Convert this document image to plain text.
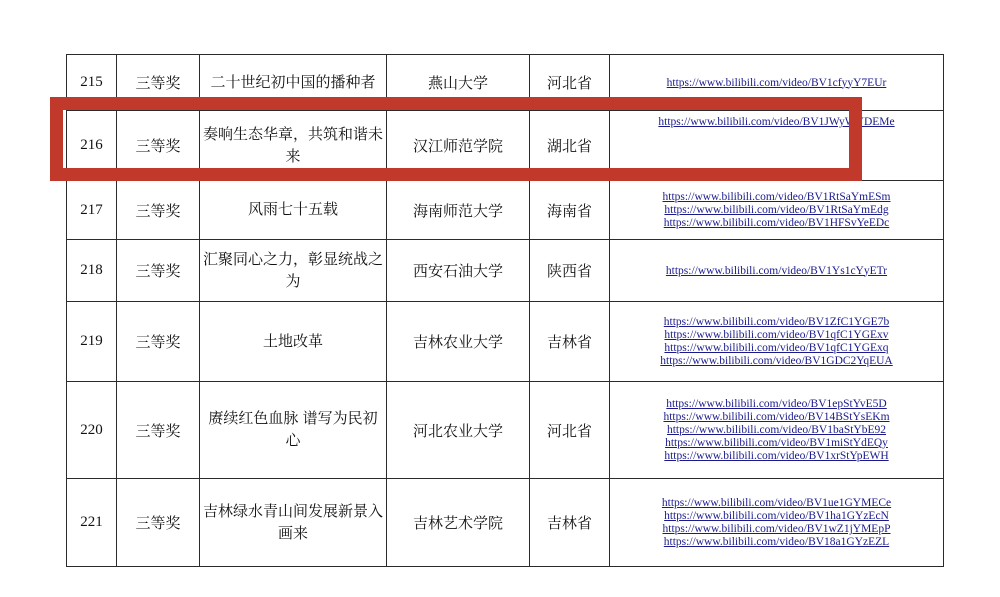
215	三等奖	二十世纪初中国的播种者	燕山大学	河北省	https://www.bilibili.com/video/BV1cfyyY7EUr

216	三等奖	奏响生态华章，共筑和谐未来	汉江师范学院	湖北省	https://www.bilibili.com/video/BV1JWyWYDEMe

217	三等奖	风雨七十五载	海南师范大学	海南省	https://www.bilibili.com/video/BV1RtSaYmESm
https://www.bilibili.com/video/BV1RtSaYmEdg
https://www.bilibili.com/video/BV1HFSvYeEDc

218	三等奖	汇聚同心之力，彰显统战之为	西安石油大学	陕西省	https://www.bilibili.com/video/BV1Ys1cYyETr

219	三等奖	土地改革	吉林农业大学	吉林省	https://www.bilibili.com/video/BV1ZfC1YGE7b
https://www.bilibili.com/video/BV1qfC1YGExv
https://www.bilibili.com/video/BV1qfC1YGExq
https://www.bilibili.com/video/BV1GDC2YqEUA

220	三等奖	赓续红色血脉 谱写为民初心	河北农业大学	河北省	https://www.bilibili.com/video/BV1epStYvE5D
https://www.bilibili.com/video/BV14BStYsEKm
https://www.bilibili.com/video/BV1baStYbE92
https://www.bilibili.com/video/BV1miStYdEQy
https://www.bilibili.com/video/BV1xrStYpEWH

221	三等奖	吉林绿水青山间发展新景入画来	吉林艺术学院	吉林省	https://www.bilibili.com/video/BV1ue1GYMECe
https://www.bilibili.com/video/BV1ha1GYzEcN
https://www.bilibili.com/video/BV1wZ1jYMEpP
https://www.bilibili.com/video/BV18a1GYzEZL
